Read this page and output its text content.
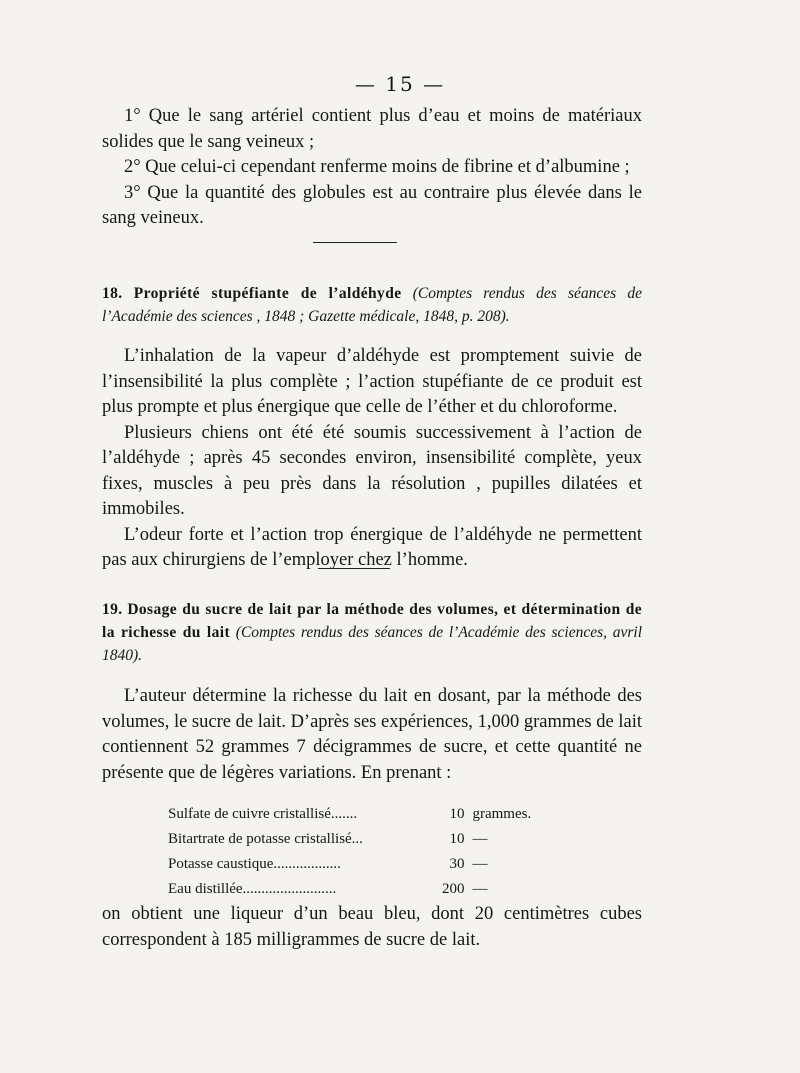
— 15 —

1° Que le sang artériel contient plus d’eau et moins de matériaux solides que le sang veineux ;

2° Que celui-ci cependant renferme moins de fibrine et d’albumine ;

3° Que la quantité des globules est au contraire plus élevée dans le sang veineux.

18. Propriété stupéfiante de l’aldéhyde (Comptes rendus des séances de l’Académie des sciences , 1848 ; Gazette médicale, 1848, p. 208).

L’inhalation de la vapeur d’aldéhyde est promptement suivie de l’insensibilité la plus complète ; l’action stupéfiante de ce produit est plus prompte et plus énergique que celle de l’éther et du chloroforme.

Plusieurs chiens ont été été soumis successivement à l’action de l’aldéhyde ; après 45 secondes environ, insensibilité complète, yeux fixes, muscles à peu près dans la résolution , pupilles dilatées et immobiles.

L’odeur forte et l’action trop énergique de l’aldéhyde ne permettent pas aux chirurgiens de l’employer chez l’homme.

19. Dosage du sucre de lait par la méthode des volumes, et détermination de la richesse du lait (Comptes rendus des séances de l’Académie des sciences, avril 1840).

L’auteur détermine la richesse du lait en dosant, par la méthode des volumes, le sucre de lait. D’après ses expériences, 1,000 grammes de lait contiennent 52 grammes 7 décigrammes de sucre, et cette quantité ne présente que de légères variations. En prenant :

Sulfate de cuivre cristallisé.......	10 grammes.
Bitartrate de potasse cristallisé...	10 —
Potasse caustique..................	30 —
Eau distillée.........................	200 —

on obtient une liqueur d’un beau bleu, dont 20 centimètres cubes correspondent à 185 milligrammes de sucre de lait.
